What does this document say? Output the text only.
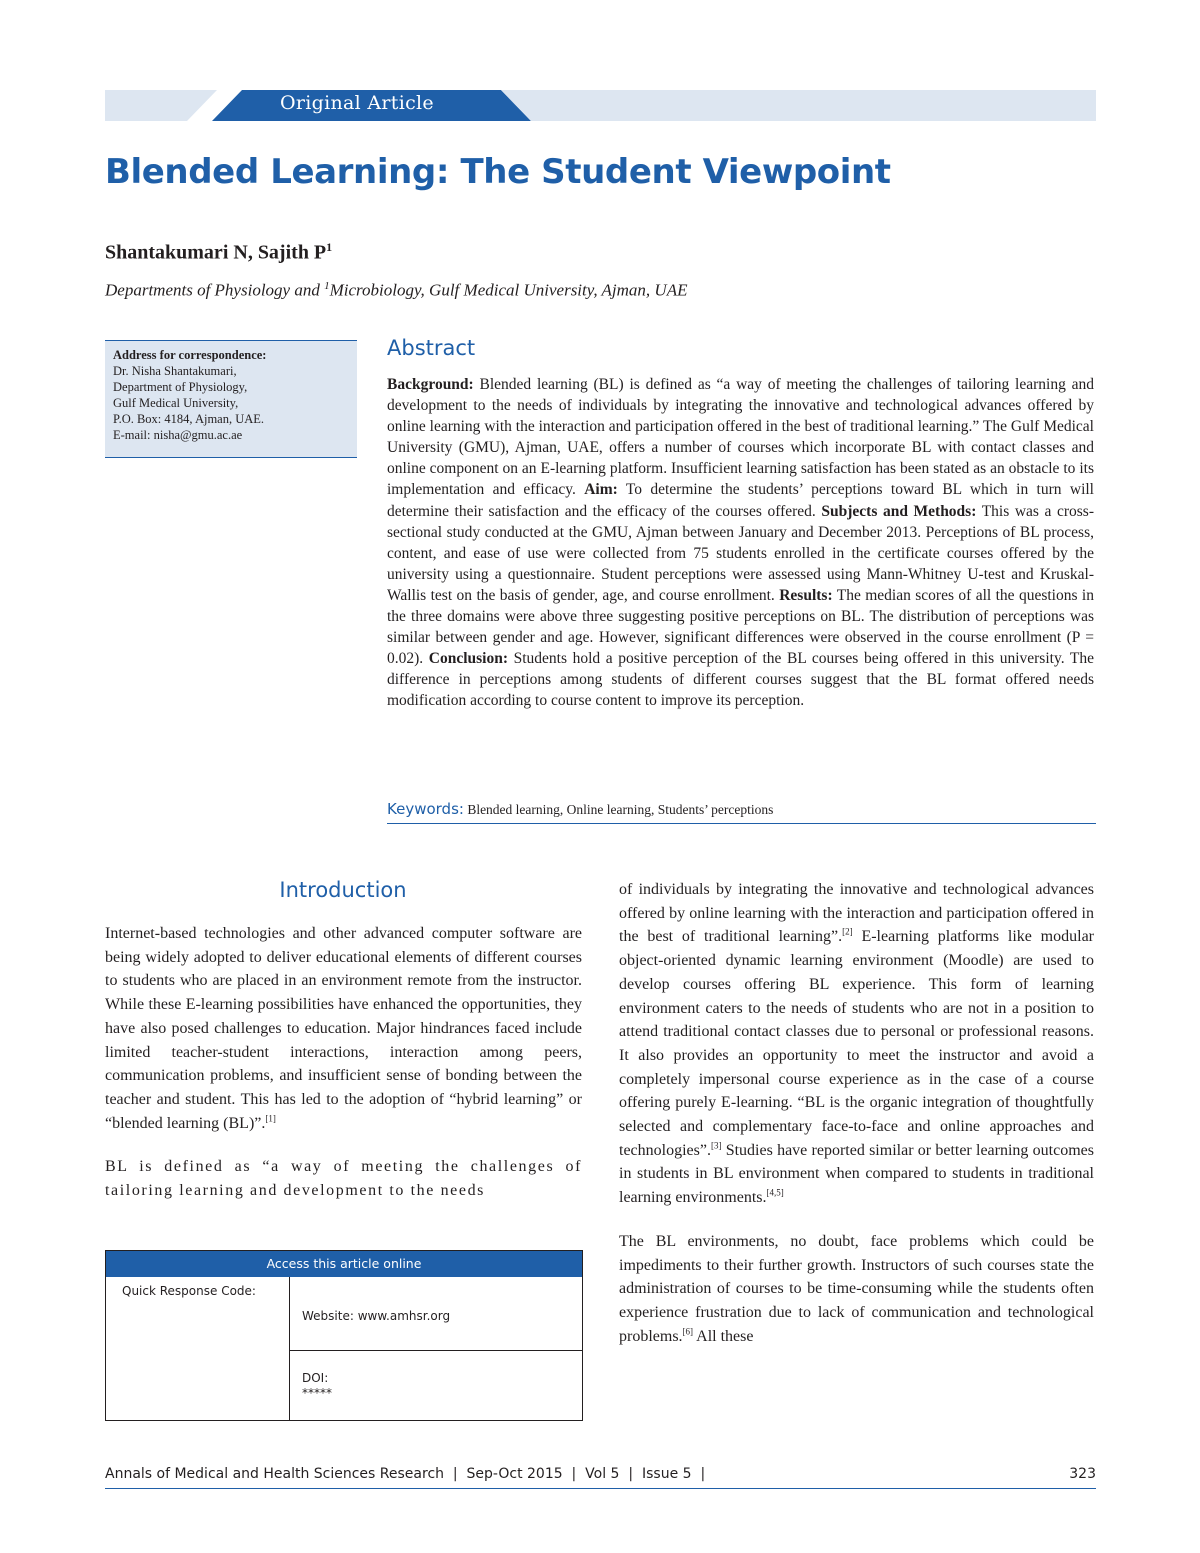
Original Article
Blended Learning: The Student Viewpoint
Shantakumari N, Sajith $P^1$
Departments of Physiology and $^1$Microbiology, Gulf Medical University, Ajman, UAE
Address for correspondence:
Dr. Nisha Shantakumari,
Department of Physiology,
Gulf Medical University,
P.O. Box: 4184, Ajman, UAE.
E-mail: nisha@gmu.ac.ae
Abstract
Background: Blended learning (BL) is defined as “a way of meeting the challenges of tailoring learning and development to the needs of individuals by integrating the innovative and technological advances offered by online learning with the interaction and participation offered in the best of traditional learning.” The Gulf Medical University (GMU), Ajman, UAE, offers a number of courses which incorporate BL with contact classes and online component on an E-learning platform. Insufficient learning satisfaction has been stated as an obstacle to its implementation and efficacy. Aim: To determine the students’ perceptions toward BL which in turn will determine their satisfaction and the efficacy of the courses offered. Subjects and Methods: This was a cross-sectional study conducted at the GMU, Ajman between January and December 2013. Perceptions of BL process, content, and ease of use were collected from 75 students enrolled in the certificate courses offered by the university using a questionnaire. Student perceptions were assessed using Mann-Whitney U-test and Kruskal-Wallis test on the basis of gender, age, and course enrollment. Results: The median scores of all the questions in the three domains were above three suggesting positive perceptions on BL. The distribution of perceptions was similar between gender and age. However, significant differences were observed in the course enrollment (P = 0.02). Conclusion: Students hold a positive perception of the BL courses being offered in this university. The difference in perceptions among students of different courses suggest that the BL format offered needs modification according to course content to improve its perception.
Keywords: Blended learning, Online learning, Students’ perceptions
Introduction

Internet-based technologies and other advanced computer software are being widely adopted to deliver educational elements of different courses to students who are placed in an environment remote from the instructor. While these E-learning possibilities have enhanced the opportunities, they have also posed challenges to education. Major hindrances faced include limited teacher-student interactions, interaction among peers, communication problems, and insufficient sense of bonding between the teacher and student. This has led to the adoption of “hybrid learning” or “blended learning (BL)”.[1]

BL is defined as “a way of meeting the challenges of tailoring learning and development to the needs

of individuals by integrating the innovative and technological advances offered by online learning with the interaction and participation offered in the best of traditional learning”.[2] E-learning platforms like modular object-oriented dynamic learning environment (Moodle) are used to develop courses offering BL experience. This form of learning environment caters to the needs of students who are not in a position to attend traditional contact classes due to personal or professional reasons. It also provides an opportunity to meet the instructor and avoid a completely impersonal course experience as in the case of a course offering purely E-learning. “BL is the organic integration of thoughtfully selected and complementary face-to-face and online approaches and technologies”.[3] Studies have reported similar or better learning outcomes in students in BL environment when compared to students in traditional learning environments.[4,5]

The BL environments, no doubt, face problems which could be impediments to their further growth. Instructors of such courses state the administration of courses to be time-consuming while the students often experience frustration due to lack of communication and technological problems.[6] All these

Access this article online
Quick Response Code:
Website: www.amhsr.org
DOI:
*****
Annals of Medical and Health Sciences Research  |  Sep-Oct 2015  |  Vol 5  |  Issue 5  |	323
